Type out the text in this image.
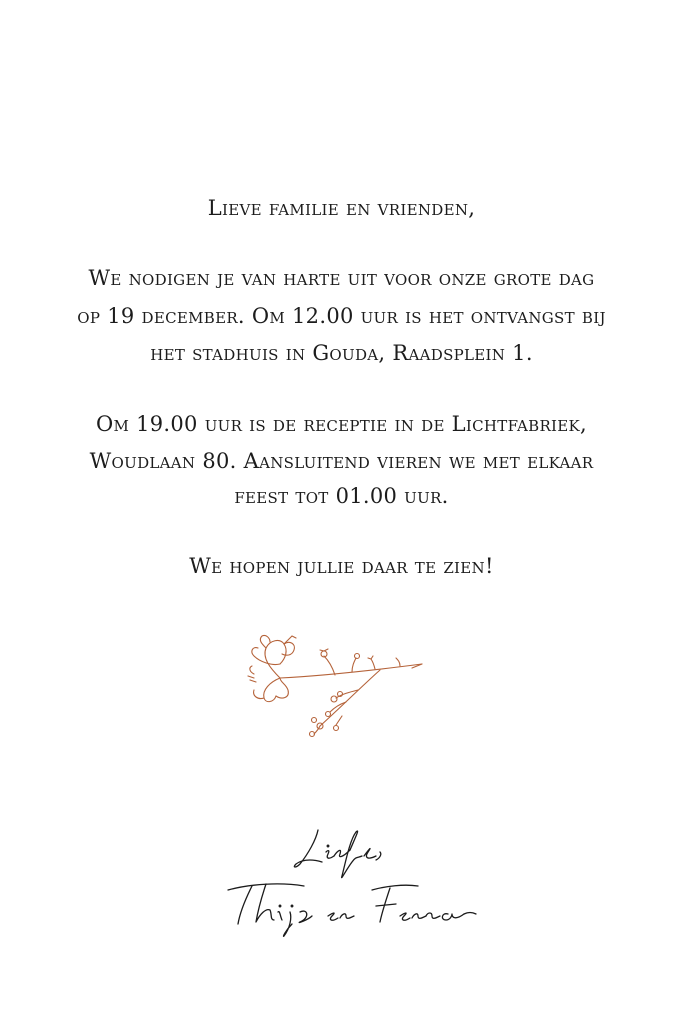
Lieve familie en vrienden,
We nodigen je van harte uit voor onze grote dag
op 19 december. Om 12.00 uur is het ontvangst bij
het stadhuis in Gouda, Raadsplein 1.
Om 19.00 uur is de receptie in de Lichtfabriek,
Woudlaan 80. Aansluitend vieren we met elkaar
feest tot 01.00 uur.
We hopen jullie daar te zien!
